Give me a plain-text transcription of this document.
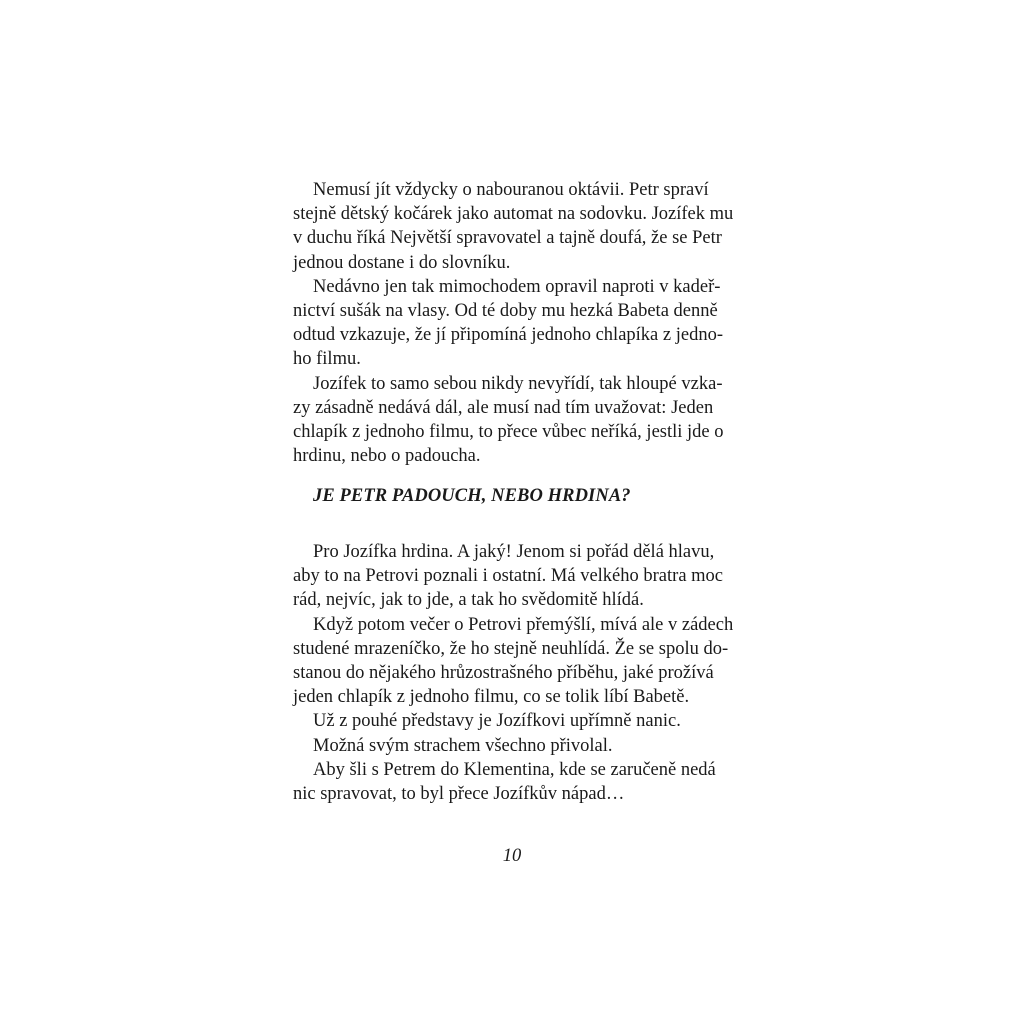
Nemusí jít vždycky o nabouranou oktávii. Petr spraví
stejně dětský kočárek jako automat na sodovku. Jozífek mu
v duchu říká Největší spravovatel a tajně doufá, že se Petr
jednou dostane i do slovníku.
Nedávno jen tak mimochodem opravil naproti v kadeř-
nictví sušák na vlasy. Od té doby mu hezká Babeta denně
odtud vzkazuje, že jí připomíná jednoho chlapíka z jedno-
ho filmu.
Jozífek to samo sebou nikdy nevyřídí, tak hloupé vzka-
zy zásadně nedává dál, ale musí nad tím uvažovat: Jeden
chlapík z jednoho filmu, to přece vůbec neříká, jestli jde o
hrdinu, nebo o padoucha.
JE PETR PADOUCH, NEBO HRDINA?
Pro Jozífka hrdina. A jaký! Jenom si pořád dělá hlavu,
aby to na Petrovi poznali i ostatní. Má velkého bratra moc
rád, nejvíc, jak to jde, a tak ho svědomitě hlídá.
Když potom večer o Petrovi přemýšlí, mívá ale v zádech
studené mrazeníčko, že ho stejně neuhlídá. Že se spolu do-
stanou do nějakého hrůzostrašného příběhu, jaké prožívá
jeden chlapík z jednoho filmu, co se tolik líbí Babetě.
Už z pouhé představy je Jozífkovi upřímně nanic.
Možná svým strachem všechno přivolal.
Aby šli s Petrem do Klementina, kde se zaručeně nedá
nic spravovat, to byl přece Jozífkův nápad…
10
